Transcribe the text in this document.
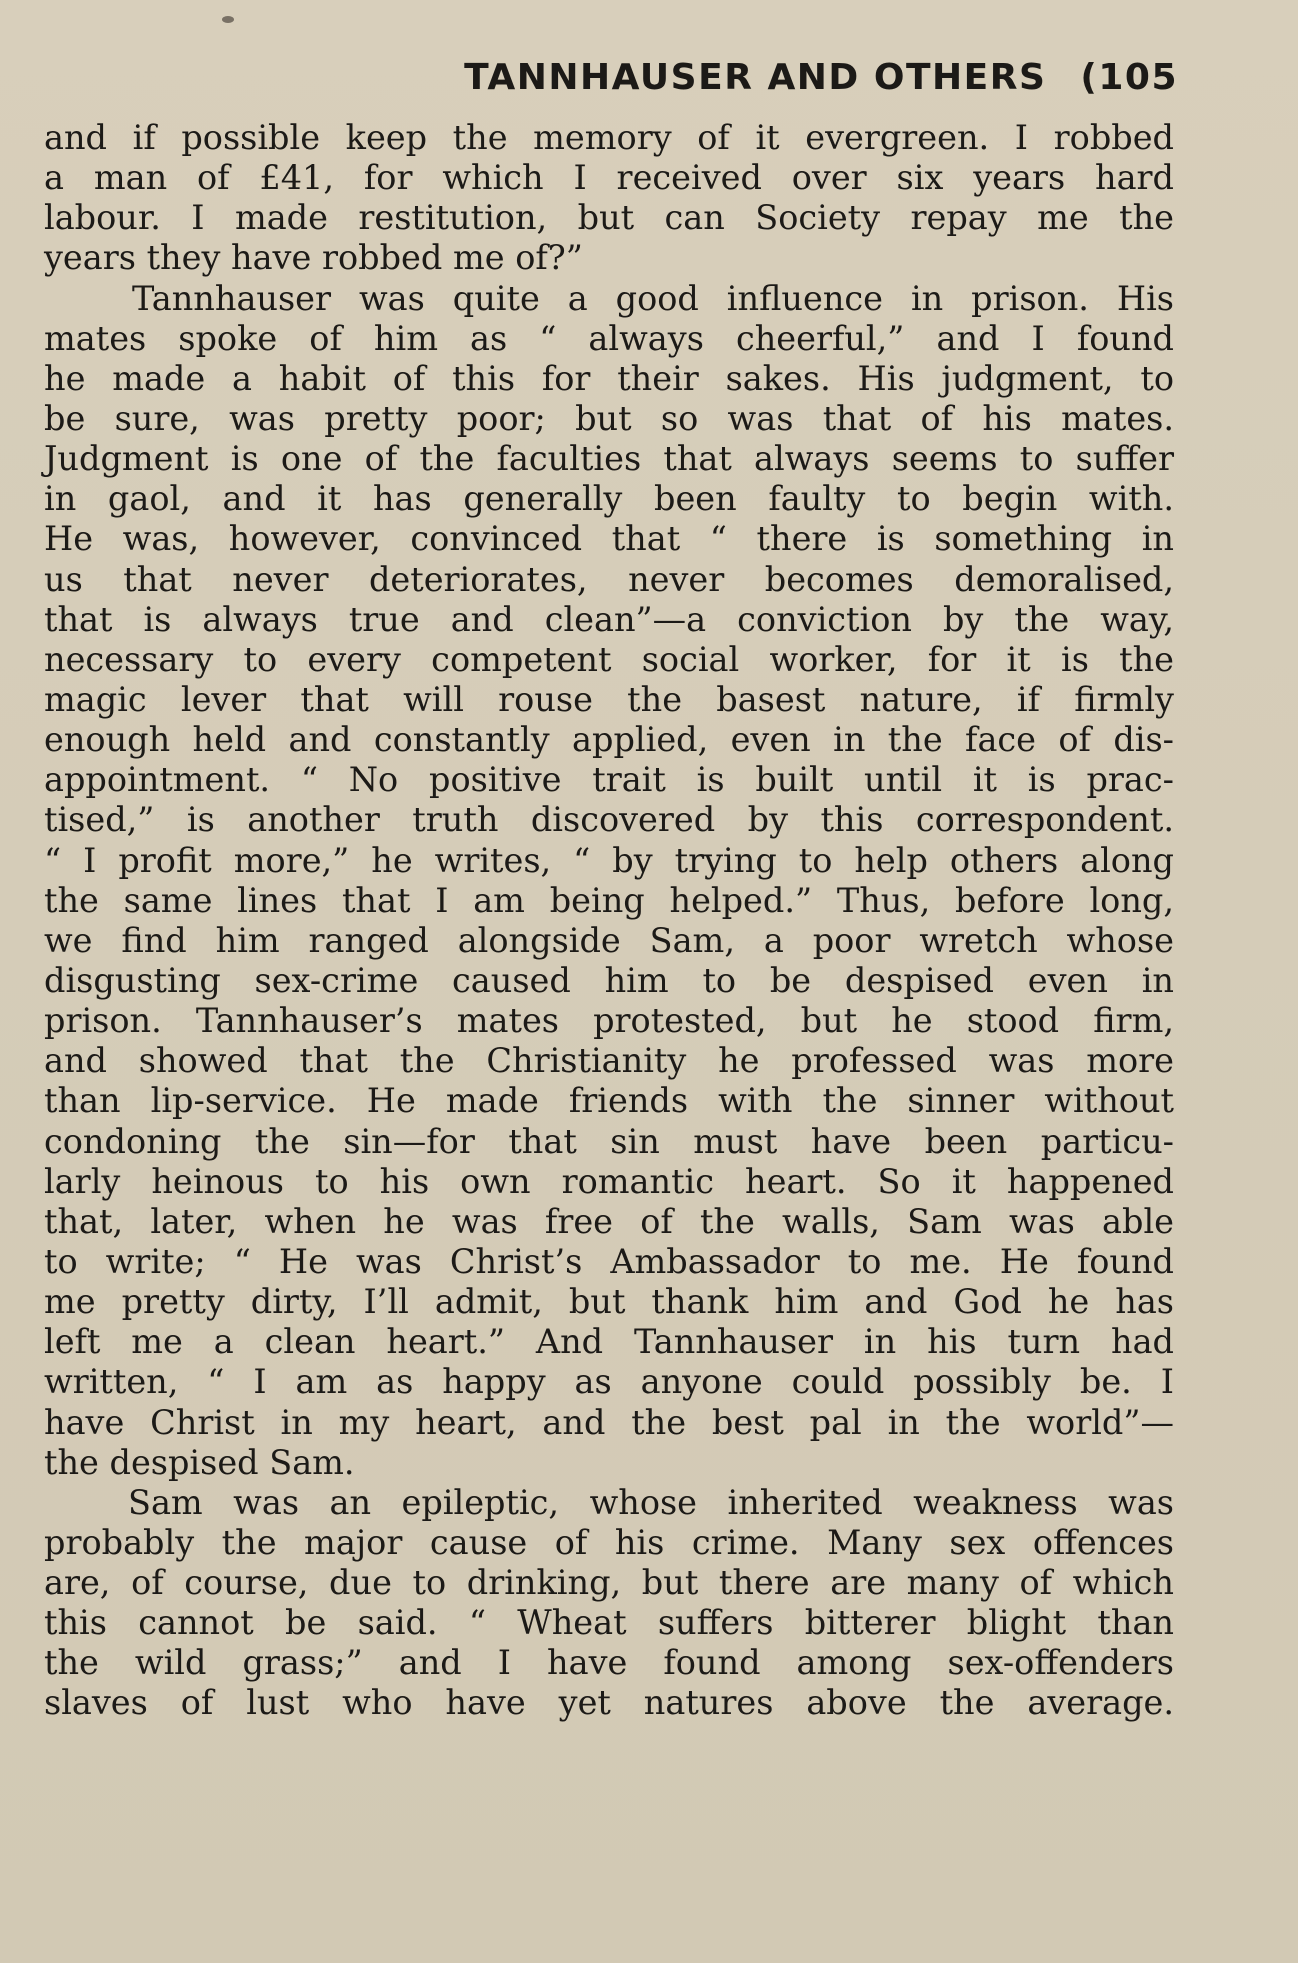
TANNHAUSER AND OTHERS (105
and if possible keep the memory of it evergreen. I robbed
a man of £41, for which I received over six years hard
labour. I made restitution, but can Society repay me the
years they have robbed me of?”
Tannhauser was quite a good influence in prison. His
mates spoke of him as “ always cheerful,” and I found
he made a habit of this for their sakes. His judgment, to
be sure, was pretty poor; but so was that of his mates.
Judgment is one of the faculties that always seems to suffer
in gaol, and it has generally been faulty to begin with.
He was, however, convinced that “ there is something in
us that never deteriorates, never becomes demoralised,
that is always true and clean”—a conviction by the way,
necessary to every competent social worker, for it is the
magic lever that will rouse the basest nature, if firmly
enough held and constantly applied, even in the face of dis-
appointment. “ No positive trait is built until it is prac-
tised,” is another truth discovered by this correspondent.
“ I profit more,” he writes, “ by trying to help others along
the same lines that I am being helped.” Thus, before long,
we find him ranged alongside Sam, a poor wretch whose
disgusting sex-crime caused him to be despised even in
prison. Tannhauser’s mates protested, but he stood firm,
and showed that the Christianity he professed was more
than lip-service. He made friends with the sinner without
condoning the sin—for that sin must have been particu-
larly heinous to his own romantic heart. So it happened
that, later, when he was free of the walls, Sam was able
to write; “ He was Christ’s Ambassador to me. He found
me pretty dirty, I’ll admit, but thank him and God he has
left me a clean heart.” And Tannhauser in his turn had
written, “ I am as happy as anyone could possibly be. I
have Christ in my heart, and the best pal in the world”—
the despised Sam.
Sam was an epileptic, whose inherited weakness was
probably the major cause of his crime. Many sex offences
are, of course, due to drinking, but there are many of which
this cannot be said. “ Wheat suffers bitterer blight than
the wild grass;” and I have found among sex-offenders
slaves of lust who have yet natures above the average.
